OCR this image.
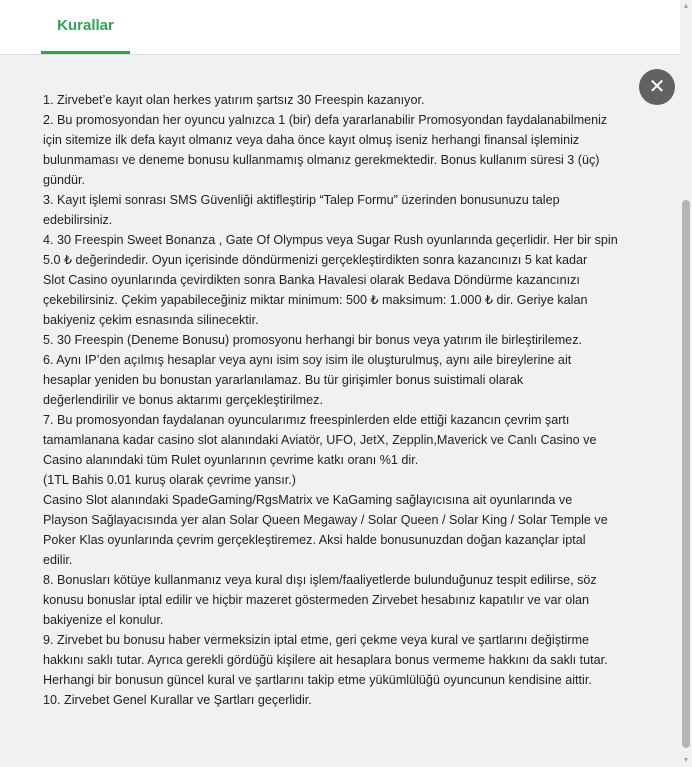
Kurallar
1. Zirvebet’e kayıt olan herkes yatırım şartsız 30 Freespin kazanıyor.
2. Bu promosyondan her oyuncu yalnızca 1 (bir) defa yararlanabilir Promosyondan faydalanabilmeniz
için sitemize ilk defa kayıt olmanız veya daha önce kayıt olmuş iseniz herhangi finansal işleminiz
bulunmaması ve deneme bonusu kullanmamış olmanız gerekmektedir. Bonus kullanım süresi 3 (üç)
gündür.
3. Kayıt işlemi sonrası SMS Güvenliği aktifleştirip “Talep Formu” üzerinden bonusunuzu talep
edebilirsiniz.
4. 30 Freespin Sweet Bonanza , Gate Of Olympus veya Sugar Rush oyunlarında geçerlidir. Her bir spin
5.0 ₺ değerindedir. Oyun içerisinde döndürmenizi gerçekleştirdikten sonra kazancınızı 5 kat kadar
Slot Casino oyunlarında çevirdikten sonra Banka Havalesi olarak Bedava Döndürme kazancınızı
çekebilirsiniz. Çekim yapabileceğiniz miktar minimum: 500 ₺ maksimum: 1.000 ₺ dir. Geriye kalan
bakiyeniz çekim esnasında silinecektir.
5. 30 Freespin (Deneme Bonusu) promosyonu herhangi bir bonus veya yatırım ile birleştirilemez.
6. Aynı IP’den açılmış hesaplar veya aynı isim soy isim ile oluşturulmuş, aynı aile bireylerine ait
hesaplar yeniden bu bonustan yararlanılamaz. Bu tür girişimler bonus suistimali olarak
değerlendirilir ve bonus aktarımı gerçekleştirilmez.
7. Bu promosyondan faydalanan oyuncularımız freespinlerden elde ettiği kazancın çevrim şartı
tamamlanana kadar casino slot alanındaki Aviatör, UFO, JetX, Zepplin,Maverick ve Canlı Casino ve
Casino alanındaki tüm Rulet oyunlarının çevrime katkı oranı %1 dir.
(1TL Bahis 0.01 kuruş olarak çevrime yansır.)
Casino Slot alanındaki SpadeGaming/RgsMatrix ve KaGaming sağlayıcısına ait oyunlarında ve
Playson Sağlayacısında yer alan Solar Queen Megaway / Solar Queen / Solar King / Solar Temple ve
Poker Klas oyunlarında çevrim gerçekleştiremez. Aksi halde bonusunuzdan doğan kazançlar iptal
edilir.
8. Bonusları kötüye kullanmanız veya kural dışı işlem/faaliyetlerde bulunduğunuz tespit edilirse, söz
konusu bonuslar iptal edilir ve hiçbir mazeret göstermeden Zirvebet hesabınız kapatılır ve var olan
bakiyenize el konulur.
9. Zirvebet bu bonusu haber vermeksizin iptal etme, geri çekme veya kural ve şartlarını değiştirme
hakkını saklı tutar. Ayrıca gerekli gördüğü kişilere ait hesaplara bonus vermeme hakkını da saklı tutar.
Herhangi bir bonusun güncel kural ve şartlarını takip etme yükümlülüğü oyuncunun kendisine aittir.
10. Zirvebet Genel Kurallar ve Şartları geçerlidir.
✕
▲
▼
